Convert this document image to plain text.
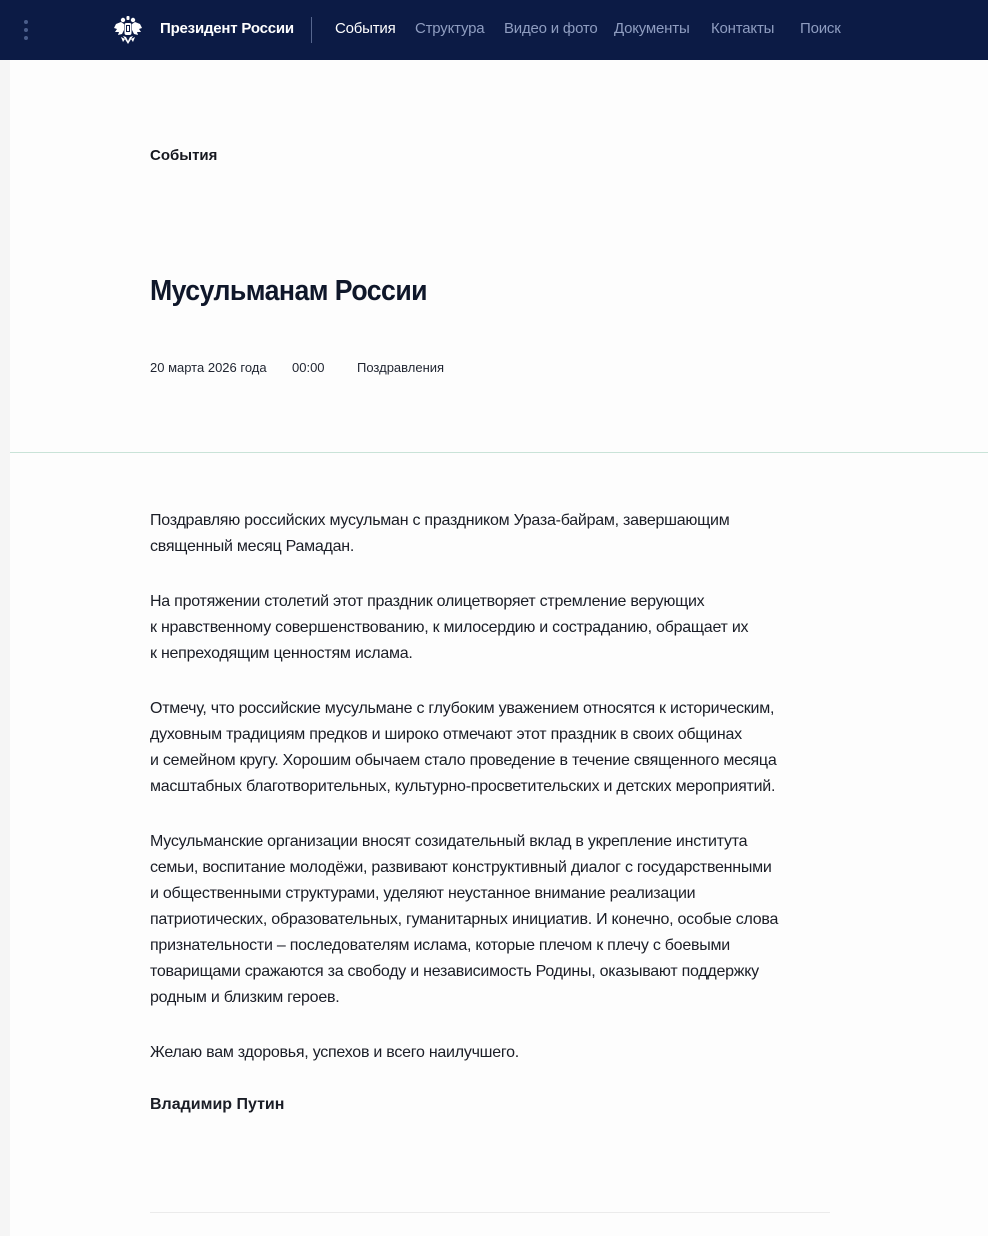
Президент России	События Структура Видео и фото Документы Контакты Поиск
События
Мусульманам России
20 марта 2026 года 00:00 Поздравления

Поздравляю российских мусульман с праздником Ураза-байрам, завершающим
священный месяц Рамадан.

На протяжении столетий этот праздник олицетворяет стремление верующих
к нравственному совершенствованию, к милосердию и состраданию, обращает их
к непреходящим ценностям ислама.

Отмечу, что российские мусульмане с глубоким уважением относятся к историческим,
духовным традициям предков и широко отмечают этот праздник в своих общинах
и семейном кругу. Хорошим обычаем стало проведение в течение священного месяца
масштабных благотворительных, культурно-просветительских и детских мероприятий.

Мусульманские организации вносят созидательный вклад в укрепление института
семьи, воспитание молодёжи, развивают конструктивный диалог с государственными
и общественными структурами, уделяют неустанное внимание реализации
патриотических, образовательных, гуманитарных инициатив. И конечно, особые слова
признательности – последователям ислама, которые плечом к плечу с боевыми
товарищами сражаются за свободу и независимость Родины, оказывают поддержку
родным и близким героев.

Желаю вам здоровья, успехов и всего наилучшего.

Владимир Путин
